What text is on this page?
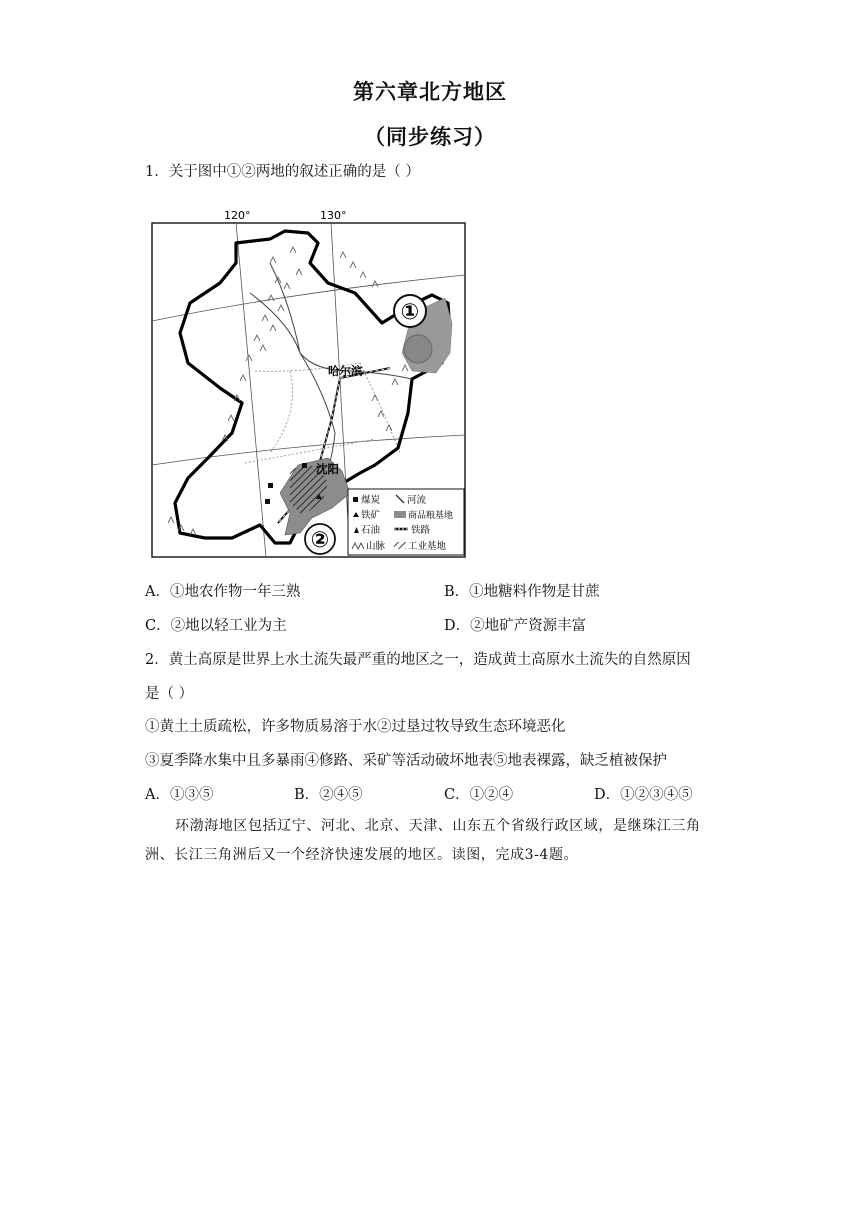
第六章北方地区
（同步练习）
1．关于图中①②两地的叙述正确的是（ ）
120°	130°
①
哈尔滨
沈阳
②
煤炭	河流
铁矿	商品粮基地
石油	铁路
山脉 工业基地
A．①地农作物一年三熟	B．①地糖料作物是甘蔗
C．②地以轻工业为主	D．②地矿产资源丰富
2．黄土高原是世界上水土流失最严重的地区之一，造成黄土高原水土流失的自然原因
是（ ）
①黄土土质疏松，许多物质易溶于水②过垦过牧导致生态环境恶化
③夏季降水集中且多暴雨④修路、采矿等活动破坏地表⑤地表裸露，缺乏植被保护
A．①③⑤	B．②④⑤	C．①②④	D．①②③④⑤
环渤海地区包括辽宁、河北、北京、天津、山东五个省级行政区域，是继珠江三角洲、长江三角洲后又一个经济快速发展的地区。读图，完成3-4题。
